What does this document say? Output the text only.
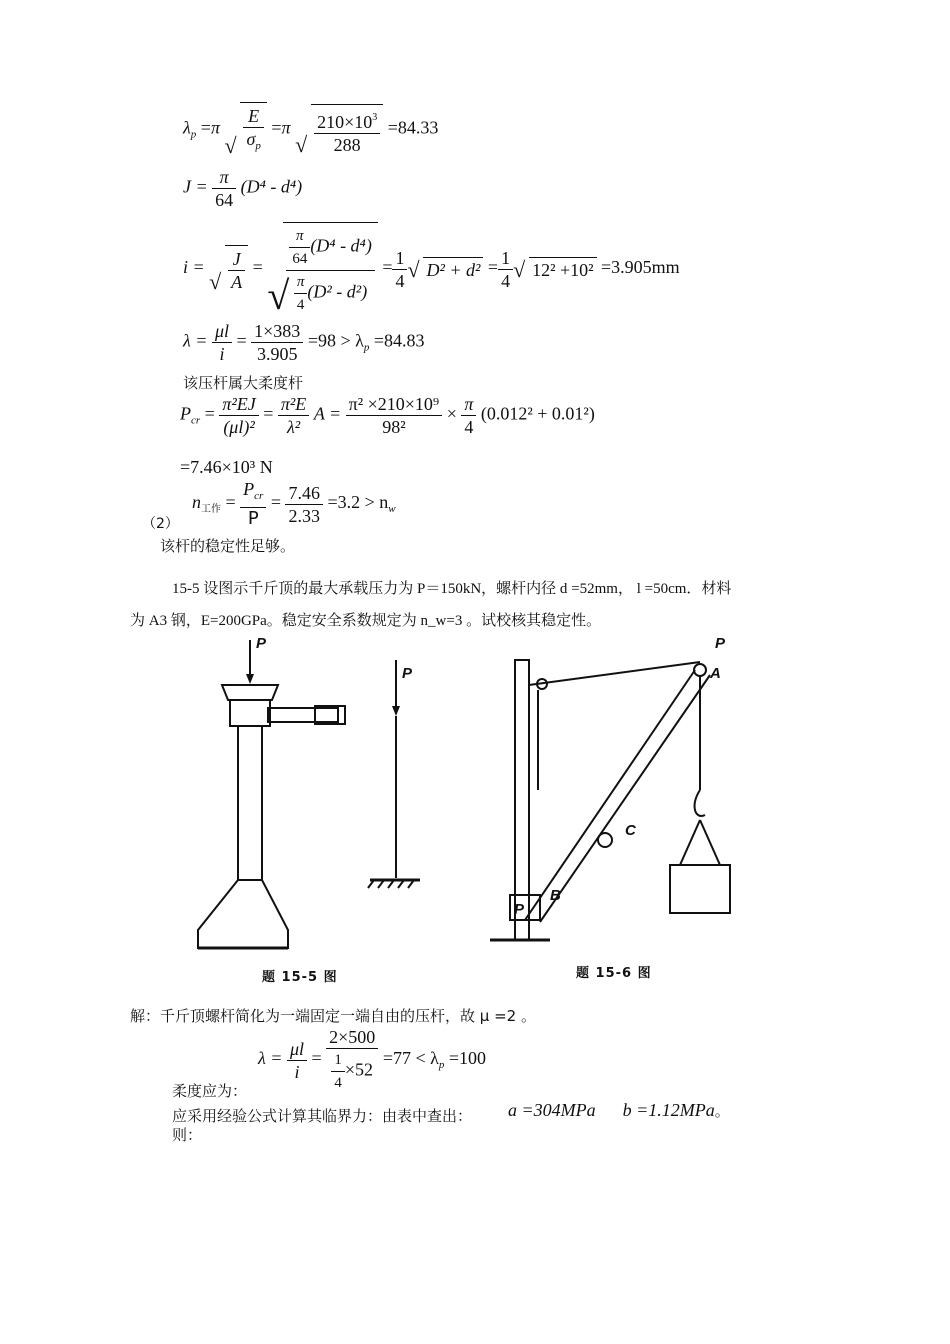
$\lambda_p =\pi$
√ $\frac{E}{\sigma_p} =\pi$
√ $\frac{210\times 10^3}{288} =84.33$
$J = \frac{\pi}{64} (D^4 - d^4)$
i =
√ $\frac{J}{A}$ =
√
$\frac{\frac{\pi}{64} (D^4 - d^4)}{\frac{\pi}{4} (D^2 - d^2)} = \frac{1}{4}$ √ $D^2 + d^2 = \frac{1}{4}$ √ 12² +10² =3.905mm
$\lambda = \frac{\mu l}{i} = \frac{1\times 383}{3.905} =98 > \lambda_p =84.83$
该压杆属大柔度杆
$P_{cr} = \frac{\text{π²EJ}}{\text{(μl)²}} = \frac{\text{π²E}}{\text{λ²}}$ $A = \frac{\text{π² ×210×10⁹}}{\text{98²}} \times \frac{\pi}{4} (0.012^2 + 0.01^2)$
=7.46×10³ N
（2）
$n_{工作} = \frac{P_{cr}}{P} = \frac{7.46}{2.33} =3.2 > n_w$
该杆的稳定性足够。
15-5 设图示千斤顶的最大承载压力为 P＝150kN，螺杆内径 d =52mm， l =50cm．材料
为 A3 钢，E=200GPa。稳定安全系数规定为 n_w=3 。试校核其稳定性。
P
P
P
A
B
C
P
题 15-5 图	题 15-6 图
解：千斤顶螺杆简化为一端固定一端自由的压杆，故 μ =2 。
$\lambda = \frac{\mu l}{i} = \frac{2\times 500}{\frac{1}{4} \times 52} =77 < \lambda_p =100$
柔度应为：
应采用经验公式计算其临界力：由表中查出： a =304MPa b =1.12MPa。
则：
